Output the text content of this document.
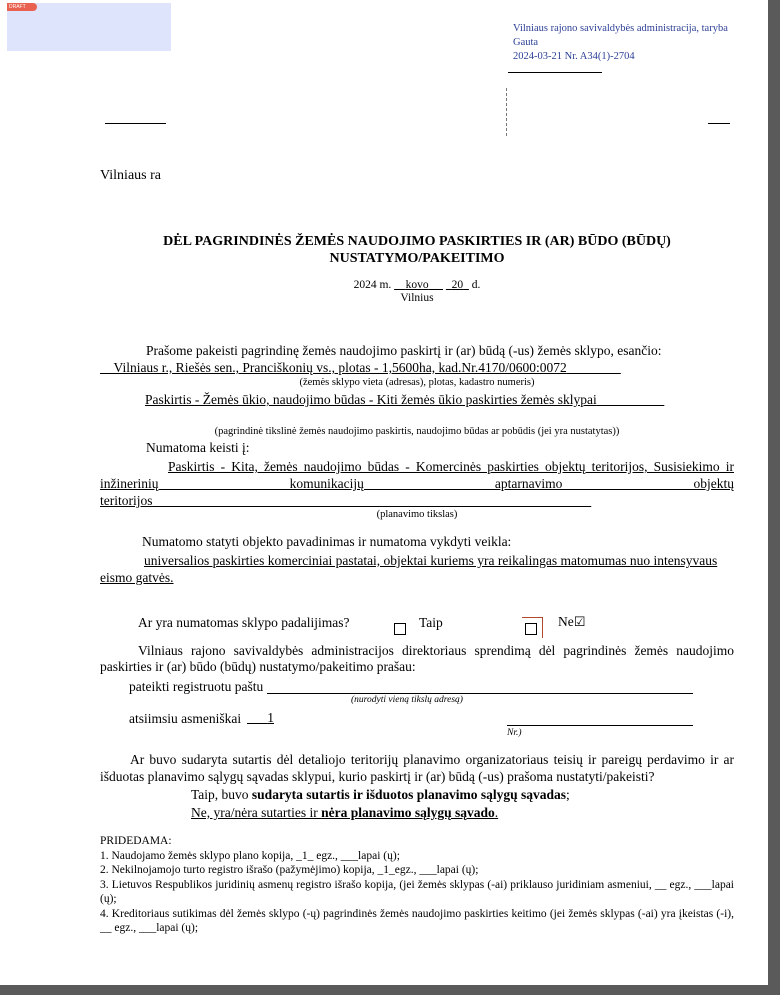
DRAFT
Vilniaus rajono savivaldybės administracija, taryba
Gauta
2024-03-21 Nr. A34(1)-2704
Vilniaus ra
DĖL PAGRINDINĖS ŽEMĖS NAUDOJIMO PASKIRTIES IR (AR) BŪDO (BŪDŲ)
NUSTATYMO/PAKEITIMO
2024 m. kovo 20 d.
Vilnius
Prašome pakeisti pagrindinę žemės naudojimo paskirtį ir (ar) būdą (-us) žemės sklypo, esančio:
Vilniaus r., Riešės sen., Pranciškonių vs., plotas - 1,5600ha, kad.Nr.4170/0600:0072
(žemės sklypo vieta (adresas), plotas, kadastro numeris)
Paskirtis - Žemės ūkio, naudojimo būdas - Kiti žemės ūkio paskirties žemės sklypai
(pagrindinė tikslinė žemės naudojimo paskirtis, naudojimo būdas ar pobūdis (jei yra nustatytas))
Numatoma keisti į:
Paskirtis - Kita, žemės naudojimo būdas - Komercinės paskirties objektų teritorijos, Susisiekimo ir inžinerinių komunikacijų aptarnavimo objektų teritorijos
(planavimo tikslas)
Numatomo statyti objekto pavadinimas ir numatoma vykdyti veikla:
universalios paskirties komerciniai pastatai, objektai kuriems yra reikalingas matomumas nuo intensyvaus eismo gatvės.
Ar yra numatomas sklypo padalijimas?	Taip	Ne☑
Vilniaus rajono savivaldybės administracijos direktoriaus sprendimą dėl pagrindinės žemės naudojimo paskirties ir (ar) būdo (būdų) nustatymo/pakeitimo prašau:
pateikti registruotu paštu
(nurodyti vieną tikslų adresą)
atsiimsiu asmeniškai	1
Nr.)
Ar buvo sudaryta sutartis dėl detaliojo teritorijų planavimo organizatoriaus teisių ir pareigų perdavimo ir ar išduotas planavimo sąlygų sąvadas sklypui, kurio paskirtį ir (ar) būdą (-us) prašoma nustatyti/pakeisti?
Taip, buvo sudaryta sutartis ir išduotos planavimo sąlygų sąvadas;
Ne, yra/nėra sutarties ir nėra planavimo sąlygų sąvado.

PRIDEDAMA:

1. Naudojamo žemės sklypo plano kopija, _1_ egz., ___lapai (ų);

2. Nekilnojamojo turto registro išrašo (pažymėjimo) kopija, _1_egz., ___lapai (ų);

3. Lietuvos Respublikos juridinių asmenų registro išrašo kopija, (jei žemės sklypas (-ai) priklauso juridiniam asmeniui, __ egz., ___lapai (ų);

4. Kreditoriaus sutikimas dėl žemės sklypo (-ų) pagrindinės žemės naudojimo paskirties keitimo (jei žemės sklypas (-ai) yra įkeistas (-i), __ egz., ___lapai (ų);
